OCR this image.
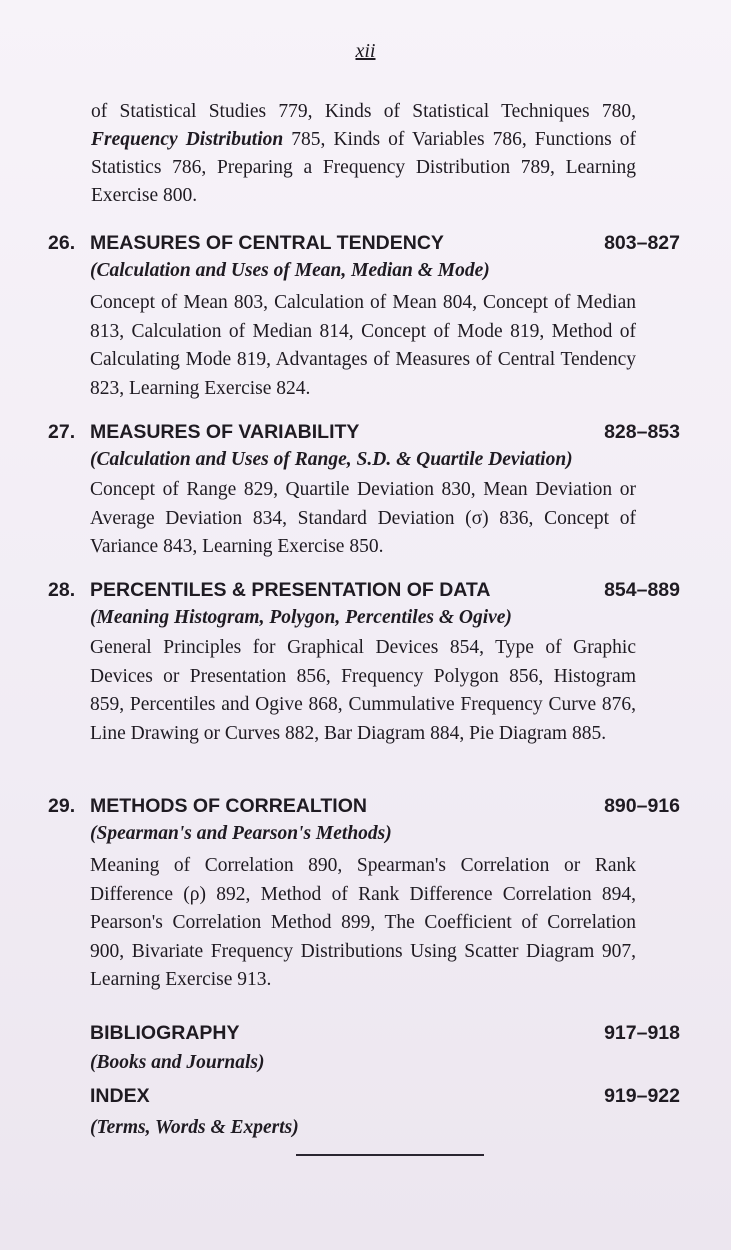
xii
of Statistical Studies 779, Kinds of Statistical Techniques 780, Frequency Distribution 785, Kinds of Variables 786, Functions of Statistics 786, Preparing a Frequency Distribution 789, Learning Exercise 800.
26. MEASURES OF CENTRAL TENDENCY	803–827
(Calculation and Uses of Mean, Median & Mode)
Concept of Mean 803, Calculation of Mean 804, Concept of Median 813, Calculation of Median 814, Concept of Mode 819, Method of Calculating Mode 819, Advantages of Measures of Central Tendency 823, Learning Exercise 824.
27. MEASURES OF VARIABILITY	828–853
(Calculation and Uses of Range, S.D. & Quartile Deviation)
Concept of Range 829, Quartile Deviation 830, Mean Deviation or Average Deviation 834, Standard Deviation (σ) 836, Concept of Variance 843, Learning Exercise 850.
28. PERCENTILES & PRESENTATION OF DATA	854–889
(Meaning Histogram, Polygon, Percentiles & Ogive)
General Principles for Graphical Devices 854, Type of Graphic Devices or Presentation 856, Frequency Polygon 856, Histogram 859, Percentiles and Ogive 868, Cummulative Frequency Curve 876, Line Drawing or Curves 882, Bar Diagram 884, Pie Diagram 885.
29. METHODS OF CORREALTION	890–916
(Spearman's and Pearson's Methods)
Meaning of Correlation 890, Spearman's Correlation or Rank Difference (ρ) 892, Method of Rank Difference Correlation 894, Pearson's Correlation Method 899, The Coefficient of Correlation 900, Bivariate Frequency Distributions Using Scatter Diagram 907, Learning Exercise 913.
BIBLIOGRAPHY	917–918
(Books and Journals)
INDEX	919–922
(Terms, Words & Experts)
